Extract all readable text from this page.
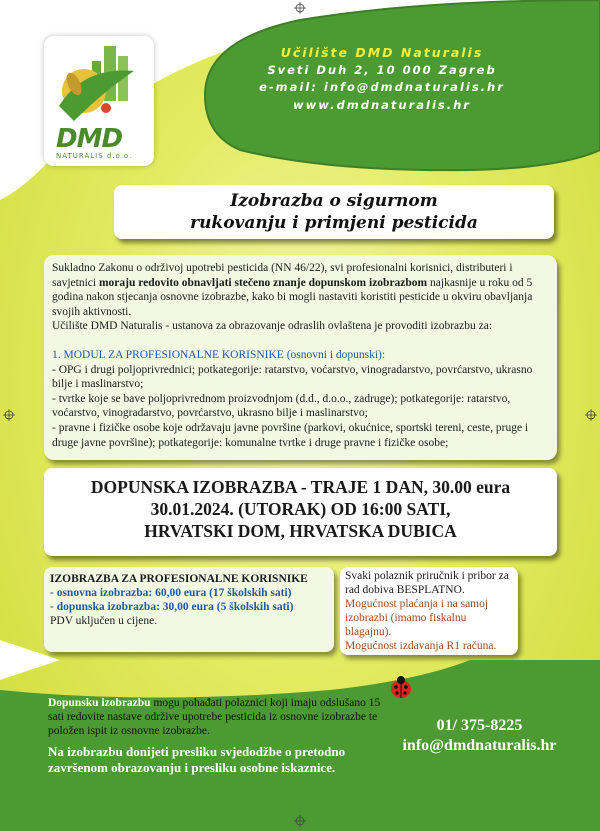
DMD
NATURALIS d.o.o.
Učilište DMD Naturalis
Sveti Duh 2, 10 000 Zagreb
e-mail: info@dmdnaturalis.hr
www.dmdnaturalis.hr
Izobrazba o sigurnom
rukovanju i primjeni pesticida

Sukladno Zakonu o održivoj upotrebi pesticida (NN 46/22), svi profesionalni korisnici, distributeri i savjetnici moraju redovito obnavljati stečeno znanje dopunskom izobrazbom najkasnije u roku od 5 godina nakon stjecanja osnovne izobrazbe, kako bi mogli nastaviti koristiti pesticide u okviru obavljanja svojih aktivnosti.

Učilište DMD Naturalis - ustanova za obrazovanje odraslih ovlaštena je provoditi izobrazbu za:

1. MODUL ZA PROFESIONALNE KORISNIKE (osnovni i dopunski):

- OPG i drugi poljoprivrednici; potkategorije: ratarstvo, voćarstvo, vinogradarstvo, povrćarstvo, ukrasno bilje i maslinarstvo;

- tvrtke koje se bave poljoprivrednom proizvodnjom (d.d., d.o.o., zadruge); potkategorije: ratarstvo, voćarstvo, vinogradarstvo, povrćarstvo, ukrasno bilje i maslinarstvo;

- pravne i fizičke osobe koje održavaju javne površine (parkovi, okućnice, sportski tereni, ceste, pruge i druge javne površine); potkategorije: komunalne tvrtke i druge pravne i fizičke osobe;

DOPUNSKA IZOBRAZBA - TRAJE 1 DAN, 30.00 eura
30.01.2024. (UTORAK) OD 16:00 SATI,
HRVATSKI DOM, HRVATSKA DUBICA
IZOBRAZBA ZA PROFESIONALNE KORISNIKE
- osnovna izobrazba: 60,00 eura (17 školskih sati)
- dopunska izobrazba: 30,00 eura (5 školskih sati)
PDV uključen u cijene.
Svaki polaznik priručnik i pribor za rad dobiva BESPLATNO.
Mogućnost plaćanja i na samoj izobrazbi (imamo fiskalnu blagajnu).
Mogućnost izdavanja R1 računa.
Dopunsku izobrazbu mogu pohađati polaznici koji imaju odslušano 15 sati redovite nastave održive upotrebe pesticida iz osnovne izobrazbe te položen ispit iz osnovne izobrazbe.
Na izobrazbu donijeti presliku svjedodžbe o pretodno završenom obrazovanju i presliku osobne iskaznice.
01/ 375-8225
info@dmdnaturalis.hr
